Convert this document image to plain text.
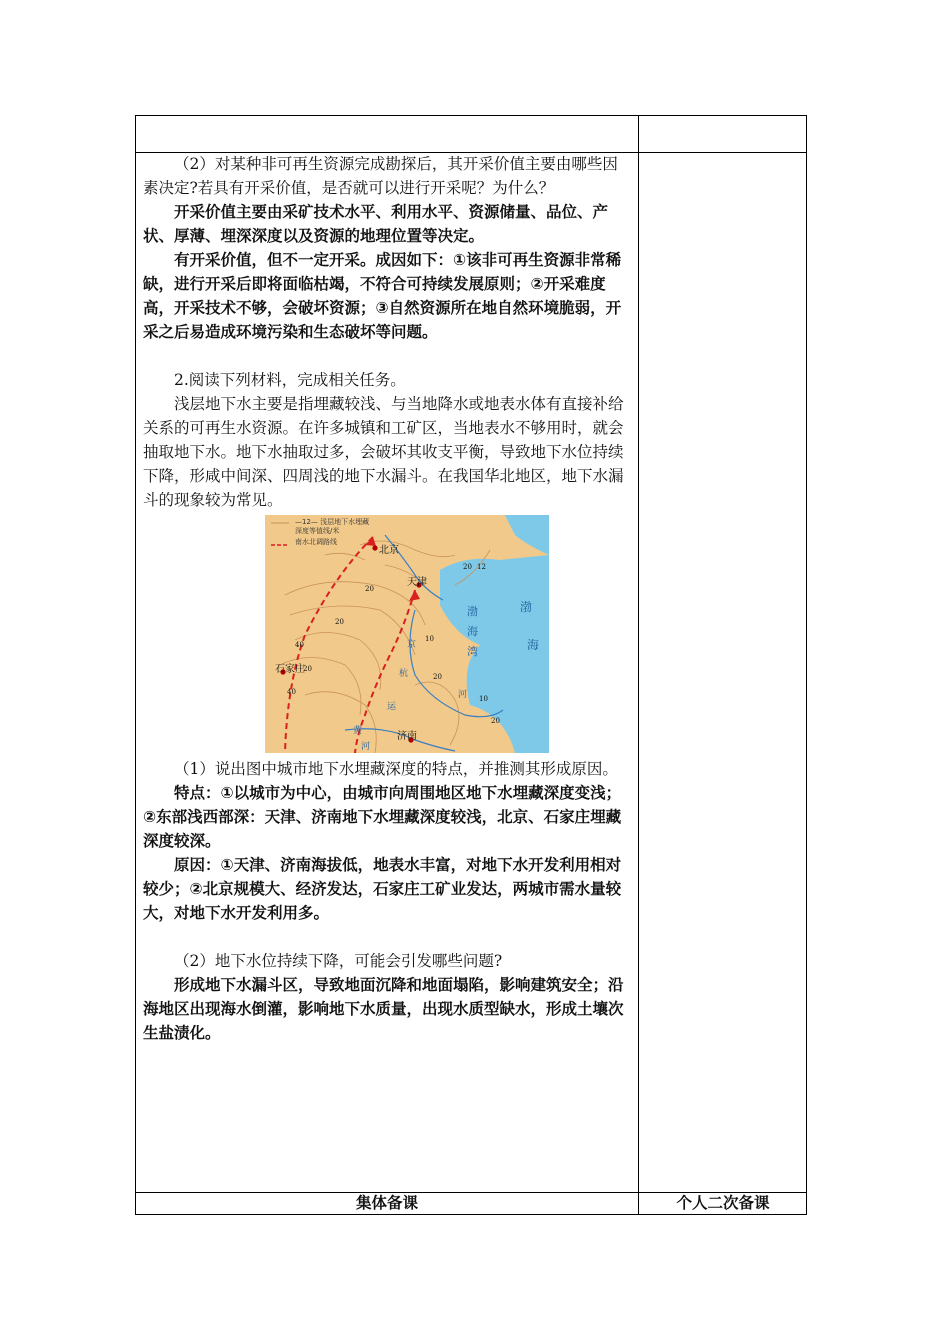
（2）对某种非可再生资源完成勘探后，其开采价值主要由哪些因素决定?若具有开采价值，是否就可以进行开采呢？为什么？

开采价值主要由采矿技术水平、利用水平、资源储量、品位、产状、厚薄、埋深深度以及资源的地理位置等决定。

有开采价值，但不一定开采。成因如下：①该非可再生资源非常稀缺，进行开采后即将面临枯竭，不符合可持续发展原则；②开采难度高，开采技术不够，会破坏资源；③自然资源所在地自然环境脆弱，开采之后易造成环境污染和生态破坏等问题。

2.阅读下列材料，完成相关任务。

浅层地下水主要是指埋藏较浅、与当地降水或地表水体有直接补给关系的可再生水资源。在许多城镇和工矿区，当地表水不够用时，就会抽取地下水。地下水抽取过多，会破坏其收支平衡，导致地下水位持续下降，形咸中间深、四周浅的地下水漏斗。在我国华北地区，地下水漏斗的现象较为常见。

—12— 浅层地下水埋藏
深度等值线/米
南水北调路线
北京
天津
石家庄
济南
渤
海
湾
渤
海
京
杭
运
河
黄
河
20 12
20
40
20
40
20
10
20
10
20

（1）说出图中城市地下水埋藏深度的特点，并推测其形成原因。

特点：①以城市为中心，由城市向周围地区地下水埋藏深度变浅；②东部浅西部深：天津、济南地下水埋藏深度较浅，北京、石家庄埋藏深度较深。

原因：①天津、济南海拔低，地表水丰富，对地下水开发利用相对较少；②北京规模大、经济发达，石家庄工矿业发达，两城市需水量较大，对地下水开发利用多。

（2）地下水位持续下降，可能会引发哪些问题?

形成地下水漏斗区，导致地面沉降和地面塌陷，影响建筑安全；沿海地区出现海水倒灌，影响地下水质量，出现水质型缺水，形成土壤次生盐渍化。

集体备课	个人二次备课
